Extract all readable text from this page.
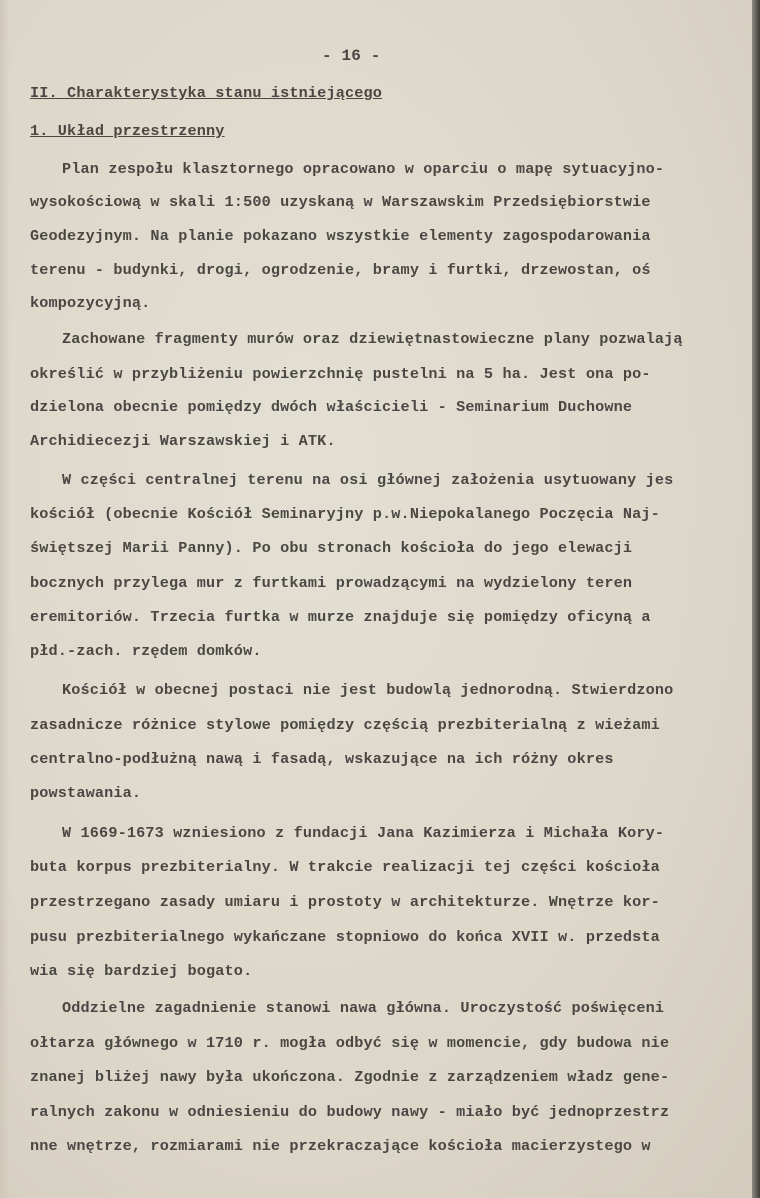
- 16 -
II. Charakterystyka stanu istniejącego
1. Układ przestrzenny
Plan zespołu klasztornego opracowano w oparciu o mapę sytuacyjno-
wysokościową w skali 1:500 uzyskaną w Warszawskim Przedsiębiorstwie
Geodezyjnym. Na planie pokazano wszystkie elementy zagospodarowania
terenu - budynki, drogi, ogrodzenie, bramy i furtki, drzewostan, oś
kompozycyjną.
Zachowane fragmenty murów oraz dziewiętnastowieczne plany pozwalają
określić w przybliżeniu powierzchnię pustelni na 5 ha. Jest ona po-
dzielona obecnie pomiędzy dwóch właścicieli - Seminarium Duchowne
Archidiecezji Warszawskiej i ATK.
W części centralnej terenu na osi głównej założenia usytuowany jes
kościół (obecnie Kościół Seminaryjny p.w.Niepokalanego Poczęcia Naj-
świętszej Marii Panny). Po obu stronach kościoła do jego elewacji
bocznych przylega mur z furtkami prowadzącymi na wydzielony teren
eremitoriów. Trzecia furtka w murze znajduje się pomiędzy oficyną a
płd.-zach. rzędem domków.
Kościół w obecnej postaci nie jest budowlą jednorodną. Stwierdzono
zasadnicze różnice stylowe pomiędzy częścią prezbiterialną z wieżami
centralno-podłużną nawą i fasadą, wskazujące na ich różny okres
powstawania.
W 1669-1673 wzniesiono z fundacji Jana Kazimierza i Michała Kory-
buta korpus prezbiterialny. W trakcie realizacji tej części kościoła
przestrzegano zasady umiaru i prostoty w architekturze. Wnętrze kor-
pusu prezbiterialnego wykańczane stopniowo do końca XVII w. przedsta
wia się bardziej bogato.
Oddzielne zagadnienie stanowi nawa główna. Uroczystość poświęceni
ołtarza głównego w 1710 r. mogła odbyć się w momencie, gdy budowa nie
znanej bliżej nawy była ukończona. Zgodnie z zarządzeniem władz gene-
ralnych zakonu w odniesieniu do budowy nawy - miało być jednoprzestrz
nne wnętrze, rozmiarami nie przekraczające kościoła macierzystego w
